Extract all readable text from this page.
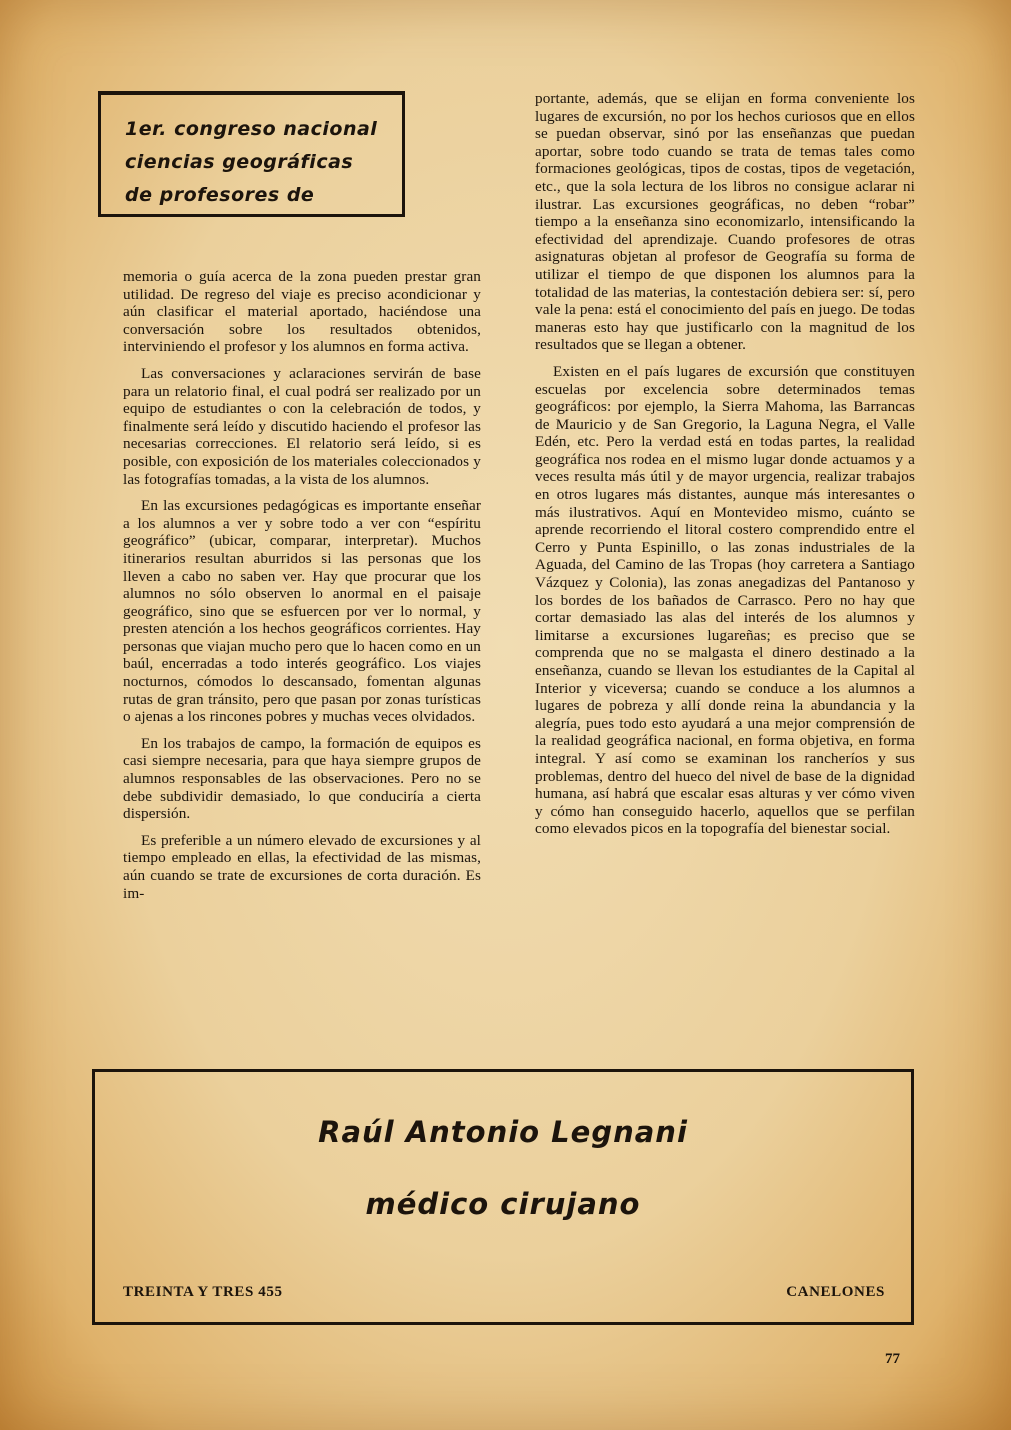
1er. congreso nacional
ciencias geográficas
de profesores de

memoria o guía acerca de la zona pueden prestar gran utilidad. De regreso del viaje es preciso acondicionar y aún clasificar el material aportado, haciéndose una conversación sobre los resultados obtenidos, interviniendo el profesor y los alumnos en forma activa.

Las conversaciones y aclaraciones servirán de base para un relatorio final, el cual podrá ser realizado por un equipo de estudiantes o con la celebración de todos, y finalmente será leído y discutido haciendo el profesor las necesarias correcciones. El relatorio será leído, si es posible, con exposición de los materiales coleccionados y las fotografías tomadas, a la vista de los alumnos.

En las excursiones pedagógicas es importante enseñar a los alumnos a ver y sobre todo a ver con “espíritu geográfico” (ubicar, comparar, interpretar). Muchos itinerarios resultan aburridos si las personas que los lleven a cabo no saben ver. Hay que procurar que los alumnos no sólo observen lo anormal en el paisaje geográfico, sino que se esfuercen por ver lo normal, y presten atención a los hechos geográficos corrientes. Hay personas que viajan mucho pero que lo hacen como en un baúl, encerradas a todo interés geográfico. Los viajes nocturnos, cómodos lo descansado, fomentan algunas rutas de gran tránsito, pero que pasan por zonas turísticas o ajenas a los rincones pobres y muchas veces olvidados.

En los trabajos de campo, la formación de equipos es casi siempre necesaria, para que haya siempre grupos de alumnos responsables de las observaciones. Pero no se debe subdividir demasiado, lo que conduciría a cierta dispersión.

Es preferible a un número elevado de excursiones y al tiempo empleado en ellas, la efectividad de las mismas, aún cuando se trate de excursiones de corta duración. Es im-

portante, además, que se elijan en forma conveniente los lugares de excursión, no por los hechos curiosos que en ellos se puedan observar, sinó por las enseñanzas que puedan aportar, sobre todo cuando se trata de temas tales como formaciones geológicas, tipos de costas, tipos de vegetación, etc., que la sola lectura de los libros no consigue aclarar ni ilustrar. Las excursiones geográficas, no deben “robar” tiempo a la enseñanza sino economizarlo, intensificando la efectividad del aprendizaje. Cuando profesores de otras asignaturas objetan al profesor de Geografía su forma de utilizar el tiempo de que disponen los alumnos para la totalidad de las materias, la contestación debiera ser: sí, pero vale la pena: está el conocimiento del país en juego. De todas maneras esto hay que justificarlo con la magnitud de los resultados que se llegan a obtener.

Existen en el país lugares de excursión que constituyen escuelas por excelencia sobre determinados temas geográficos: por ejemplo, la Sierra Mahoma, las Barrancas de Mauricio y de San Gregorio, la Laguna Negra, el Valle Edén, etc. Pero la verdad está en todas partes, la realidad geográfica nos rodea en el mismo lugar donde actuamos y a veces resulta más útil y de mayor urgencia, realizar trabajos en otros lugares más distantes, aunque más interesantes o más ilustrativos. Aquí en Montevideo mismo, cuánto se aprende recorriendo el litoral costero comprendido entre el Cerro y Punta Espinillo, o las zonas industriales de la Aguada, del Camino de las Tropas (hoy carretera a Santiago Vázquez y Colonia), las zonas anegadizas del Pantanoso y los bordes de los bañados de Carrasco. Pero no hay que cortar demasiado las alas del interés de los alumnos y limitarse a excursiones lugareñas; es preciso que se comprenda que no se malgasta el dinero destinado a la enseñanza, cuando se llevan los estudiantes de la Capital al Interior y viceversa; cuando se conduce a los alumnos a lugares de pobreza y allí donde reina la abundancia y la alegría, pues todo esto ayudará a una mejor comprensión de la realidad geográfica nacional, en forma objetiva, en forma integral. Y así como se examinan los rancheríos y sus problemas, dentro del hueco del nivel de base de la dignidad humana, así habrá que escalar esas alturas y ver cómo viven y cómo han conseguido hacerlo, aquellos que se perfilan como elevados picos en la topografía del bienestar social.

Raúl Antonio Legnani
médico cirujano
TREINTA Y TRES 455	CANELONES
77
